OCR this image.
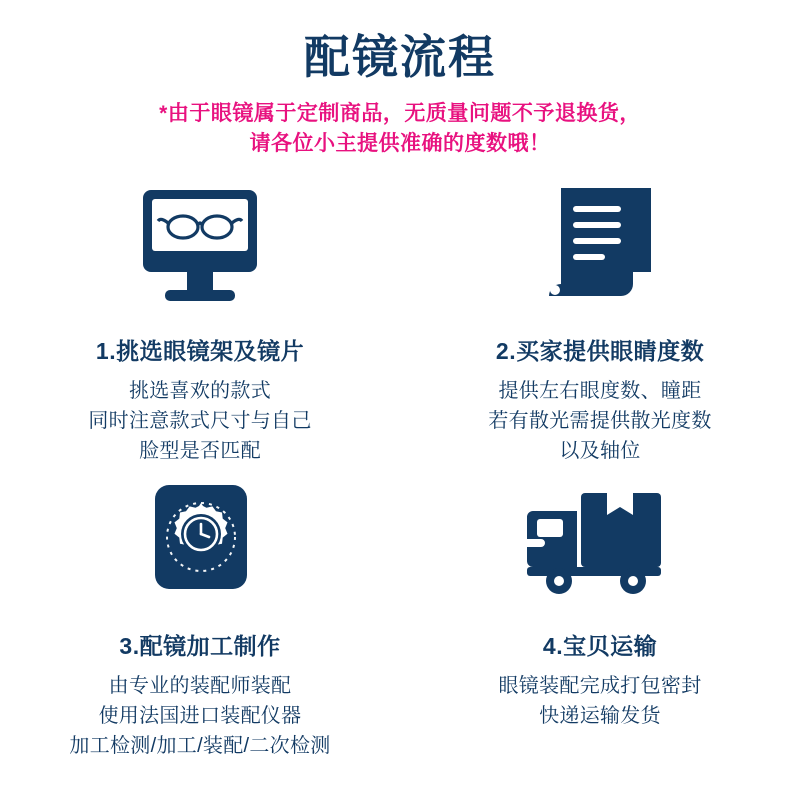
配镜流程
*由于眼镜属于定制商品，无质量问题不予退换货，
请各位小主提供准确的度数哦！
1.挑选眼镜架及镜片
挑选喜欢的款式
同时注意款式尺寸与自己
脸型是否匹配
2.买家提供眼睛度数
提供左右眼度数、瞳距
若有散光需提供散光度数
以及轴位
3.配镜加工制作
由专业的装配师装配
使用法国进口装配仪器
加工检测/加工/装配/二次检测
4.宝贝运输
眼镜装配完成打包密封
快递运输发货
